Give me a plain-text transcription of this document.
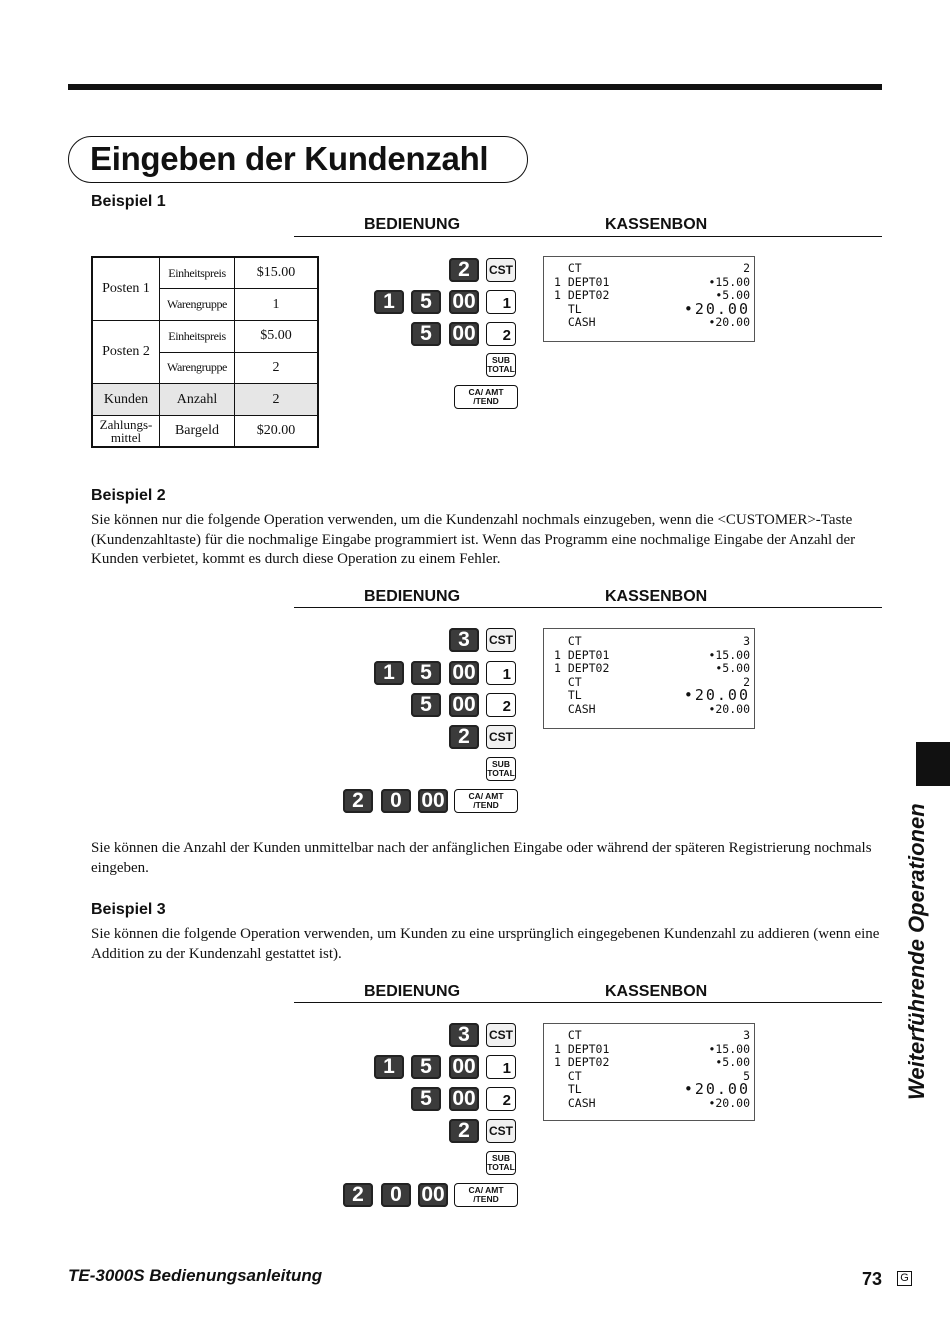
Eingeben der Kundenzahl
Beispiel 1
BEDIENUNG	KASSENBON
Posten 1	Einheitspreis	$15.00
	Warengruppe	1
Posten 2	Einheitspreis	$5.00
	Warengruppe	2
Kunden	Anzahl	2
Zahlungs-
mittel	Bargeld	$20.00
2	CST
1	5 00	1
5 00	2
SUB
TOTAL
CA/ AMT
/TEND
CT	2
1 DEPT01	•15.00
1 DEPT02	•5.00
TL	•20.00
CASH	•20.00
Beispiel 2
Sie können nur die folgende Operation verwenden, um die Kundenzahl nochmals einzugeben, wenn die <CUSTOMER>-Taste (Kundenzahltaste) für die nochmalige Eingabe programmiert ist. Wenn das Programm eine nochmalige Eingabe der Anzahl der Kunden verbietet, kommt es durch diese Operation zu einem Fehler.
BEDIENUNG	KASSENBON
3	CST
1	5 00	1
5 00	2
2	CST
SUB
TOTAL
2	0 00	CA/ AMT
/TEND
CT	3
1 DEPT01	•15.00
1 DEPT02	•5.00
CT	2
TL	•20.00
CASH	•20.00
Sie können die Anzahl der Kunden unmittelbar nach der anfänglichen Eingabe oder während der späteren Registrierung nochmals eingeben.
Beispiel 3
Sie können die folgende Operation verwenden, um Kunden zu eine ursprünglich eingegebenen Kundenzahl zu addieren (wenn eine Addition zu der Kundenzahl gestattet ist).
BEDIENUNG	KASSENBON
3	CST
1	5 00	1
5 00	2
2	CST
SUB
TOTAL
2	0 00	CA/ AMT
/TEND
CT	3
1 DEPT01	•15.00
1 DEPT02	•5.00
CT	5
TL	•20.00
CASH	•20.00
Weiterführende Operationen
TE-3000S Bedienungsanleitung	73 G
